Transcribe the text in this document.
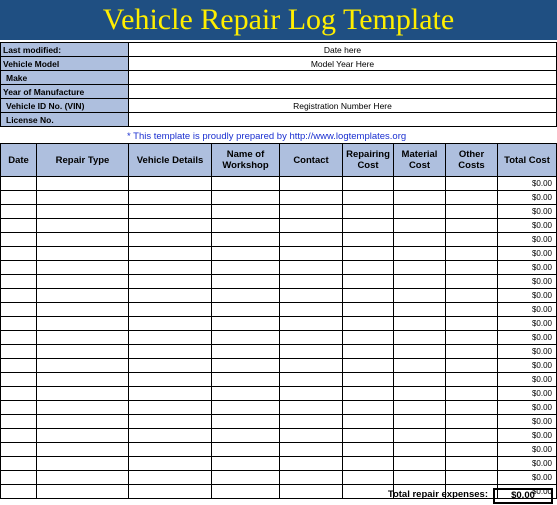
Vehicle Repair Log Template
Last modified:	Date here
Vehicle Model	Model Year Here
Make	
Year of Manufacture	
Vehicle ID No. (VIN)	Registration Number Here
License No.	
* This template is proudly prepared by http://www.logtemplates.org
Date	Repair Type	Vehicle Details	Name of Workshop	Contact	Repairing Cost	Material Cost	Other Costs	Total Cost
								$0.00
								$0.00
								$0.00
								$0.00
								$0.00
								$0.00
								$0.00
								$0.00
								$0.00
								$0.00
								$0.00
								$0.00
								$0.00
								$0.00
								$0.00
								$0.00
								$0.00
								$0.00
								$0.00
								$0.00
								$0.00
								$0.00
								$0.00
Total repair expenses:	$0.00
